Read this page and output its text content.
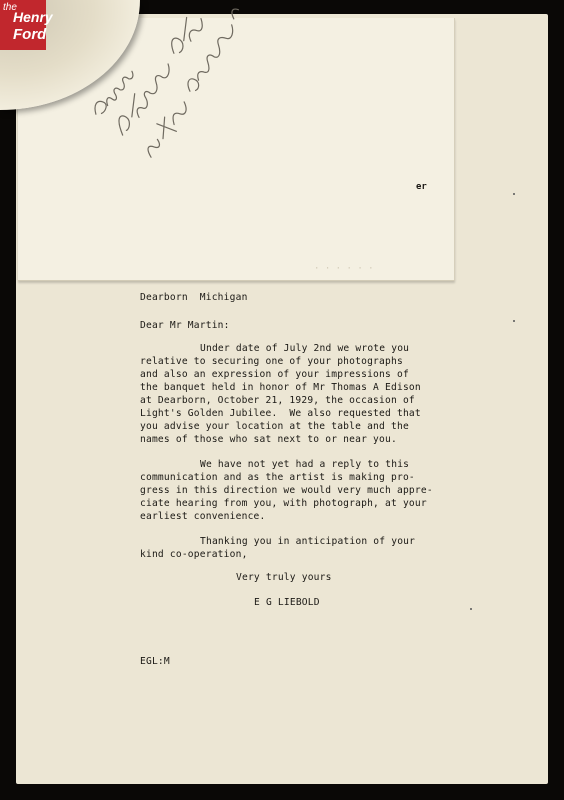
· · · · · ·
the
Henry
Ford
er
Dearborn  Michigan
Dear Mr Martin:
Under date of July 2nd we wrote you
relative to securing one of your photographs
and also an expression of your impressions of
the banquet held in honor of Mr Thomas A Edison
at Dearborn, October 21, 1929, the occasion of
Light's Golden Jubilee.  We also requested that
you advise your location at the table and the
names of those who sat next to or near you.
We have not yet had a reply to this
communication and as the artist is making pro-
gress in this direction we would very much appre-
ciate hearing from you, with photograph, at your
earliest convenience.
Thanking you in anticipation of your
kind co-operation,
Very truly yours
E G LIEBOLD
EGL:M
